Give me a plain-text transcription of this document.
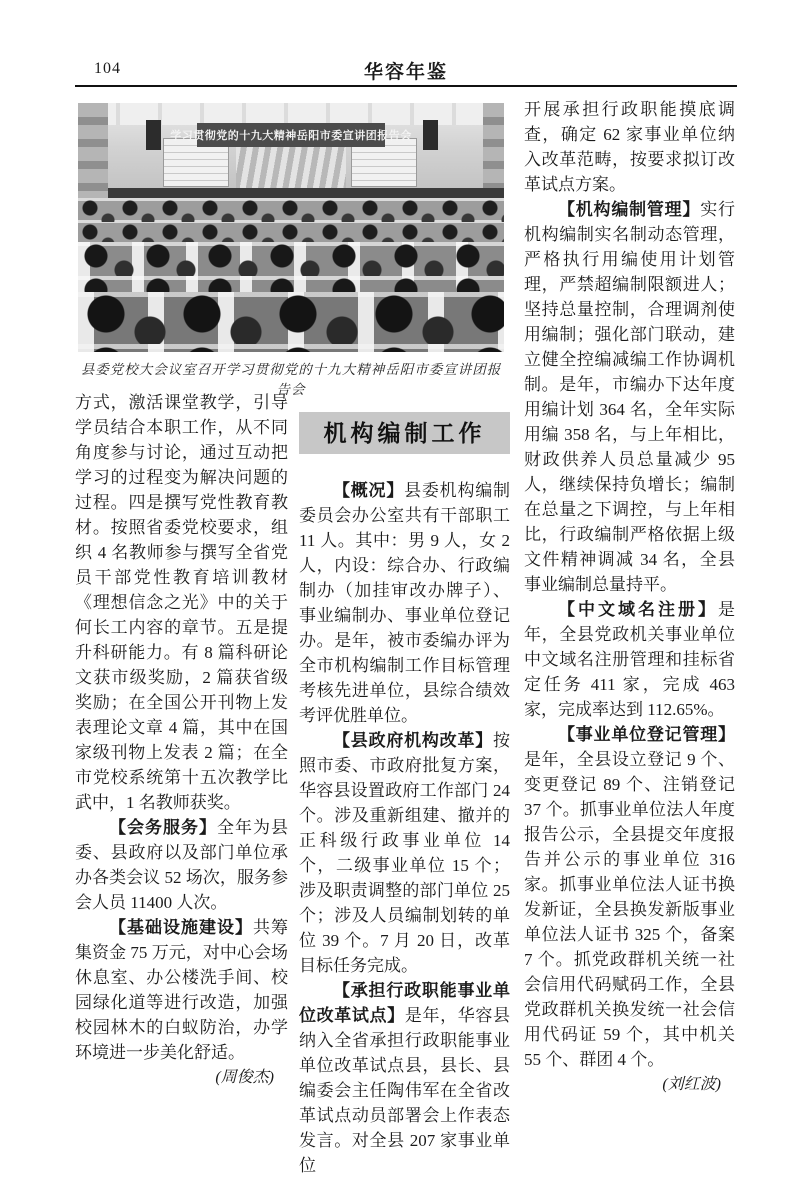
104	华容年鉴
学习贯彻党的十九大精神岳阳市委宣讲团报告会
县委党校大会议室召开学习贯彻党的十九大精神岳阳市委宣讲团报告会

方式，激活课堂教学，引导学员结合本职工作，从不同角度参与讨论，通过互动把学习的过程变为解决问题的过程。四是撰写党性教育教材。按照省委党校要求，组织 4 名教师参与撰写全省党员干部党性教育培训教材《理想信念之光》中的关于何长工内容的章节。五是提升科研能力。有 8 篇科研论文获市级奖励，2 篇获省级奖励；在全国公开刊物上发表理论文章 4 篇，其中在国家级刊物上发表 2 篇；在全市党校系统第十五次教学比武中，1 名教师获奖。

【会务服务】全年为县委、县政府以及部门单位承办各类会议 52 场次，服务参会人员 11400 人次。

【基础设施建设】共筹集资金 75 万元，对中心会场休息室、办公楼洗手间、校园绿化道等进行改造，加强校园林木的白蚁防治，办学环境进一步美化舒适。

(周俊杰)

机构编制工作

【概况】县委机构编制委员会办公室共有干部职工 11 人。其中：男 9 人，女 2 人，内设：综合办、行政编制办（加挂审改办牌子）、事业编制办、事业单位登记办。是年，被市委编办评为全市机构编制工作目标管理考核先进单位，县综合绩效考评优胜单位。

【县政府机构改革】按照市委、市政府批复方案，华容县设置政府工作部门 24 个。涉及重新组建、撤并的正科级行政事业单位 14 个，二级事业单位 15 个；涉及职责调整的部门单位 25 个；涉及人员编制划转的单位 39 个。7 月 20 日，改革目标任务完成。

【承担行政职能事业单位改革试点】是年，华容县纳入全省承担行政职能事业单位改革试点县，县长、县编委会主任陶伟军在全省改革试点动员部署会上作表态发言。对全县 207 家事业单位

开展承担行政职能摸底调查，确定 62 家事业单位纳入改革范畴，按要求拟订改革试点方案。

【机构编制管理】实行机构编制实名制动态管理，严格执行用编使用计划管理，严禁超编制限额进人；坚持总量控制，合理调剂使用编制；强化部门联动，建立健全控编减编工作协调机制。是年，市编办下达年度用编计划 364 名，全年实际用编 358 名，与上年相比，财政供养人员总量减少 95 人，继续保持负增长；编制在总量之下调控，与上年相比，行政编制严格依据上级文件精神调减 34 名，全县事业编制总量持平。

【中文域名注册】是年，全县党政机关事业单位中文域名注册管理和挂标省定任务 411 家，完成 463 家，完成率达到 112.65%。

【事业单位登记管理】是年，全县设立登记 9 个、变更登记 89 个、注销登记 37 个。抓事业单位法人年度报告公示，全县提交年度报告并公示的事业单位 316 家。抓事业单位法人证书换发新证，全县换发新版事业单位法人证书 325 个，备案 7 个。抓党政群机关统一社会信用代码赋码工作，全县党政群机关换发统一社会信用代码证 59 个，其中机关 55 个、群团 4 个。

(刘红波)
